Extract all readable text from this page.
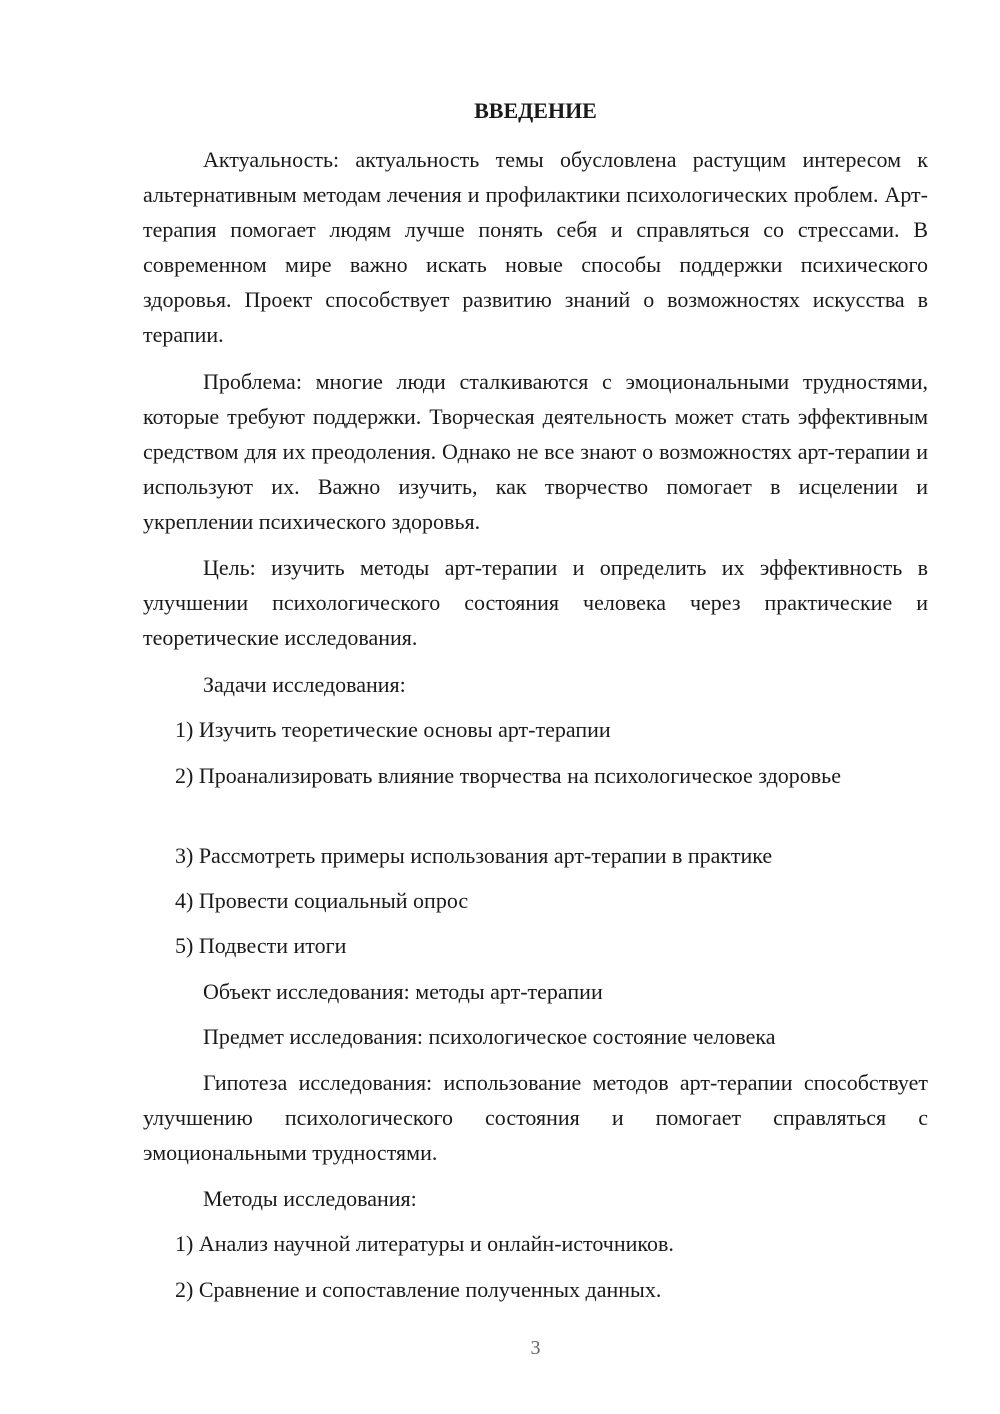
ВВЕДЕНИЕ

Актуальность: актуальность темы обусловлена растущим интересом к альтернативным методам лечения и профилактики психологических проблем. Арт-терапия помогает людям лучше понять себя и справляться со стрессами. В современном мире важно искать новые способы поддержки психического здоровья. Проект способствует развитию знаний о возможностях искусства в терапии.

Проблема: многие люди сталкиваются с эмоциональными трудностями, которые требуют поддержки. Творческая деятельность может стать эффективным средством для их преодоления. Однако не все знают о возможностях арт-терапии и используют их. Важно изучить, как творчество помогает в исцелении и укреплении психического здоровья.

Цель: изучить методы арт-терапии и определить их эффективность в улучшении психологического состояния человека через практические и теоретические исследования.

Задачи исследования:

1) Изучить теоретические основы арт-терапии

2) Проанализировать влияние творчества на психологическое здоровье

3) Рассмотреть примеры использования арт-терапии в практике

4) Провести социальный опрос

5) Подвести итоги

Объект исследования: методы арт-терапии

Предмет исследования: психологическое состояние человека

Гипотеза исследования: использование методов арт-терапии способствует улучшению психологического состояния и помогает справляться с эмоциональными трудностями.

Методы исследования:

1) Анализ научной литературы и онлайн-источников.

2) Сравнение и сопоставление полученных данных.

3
